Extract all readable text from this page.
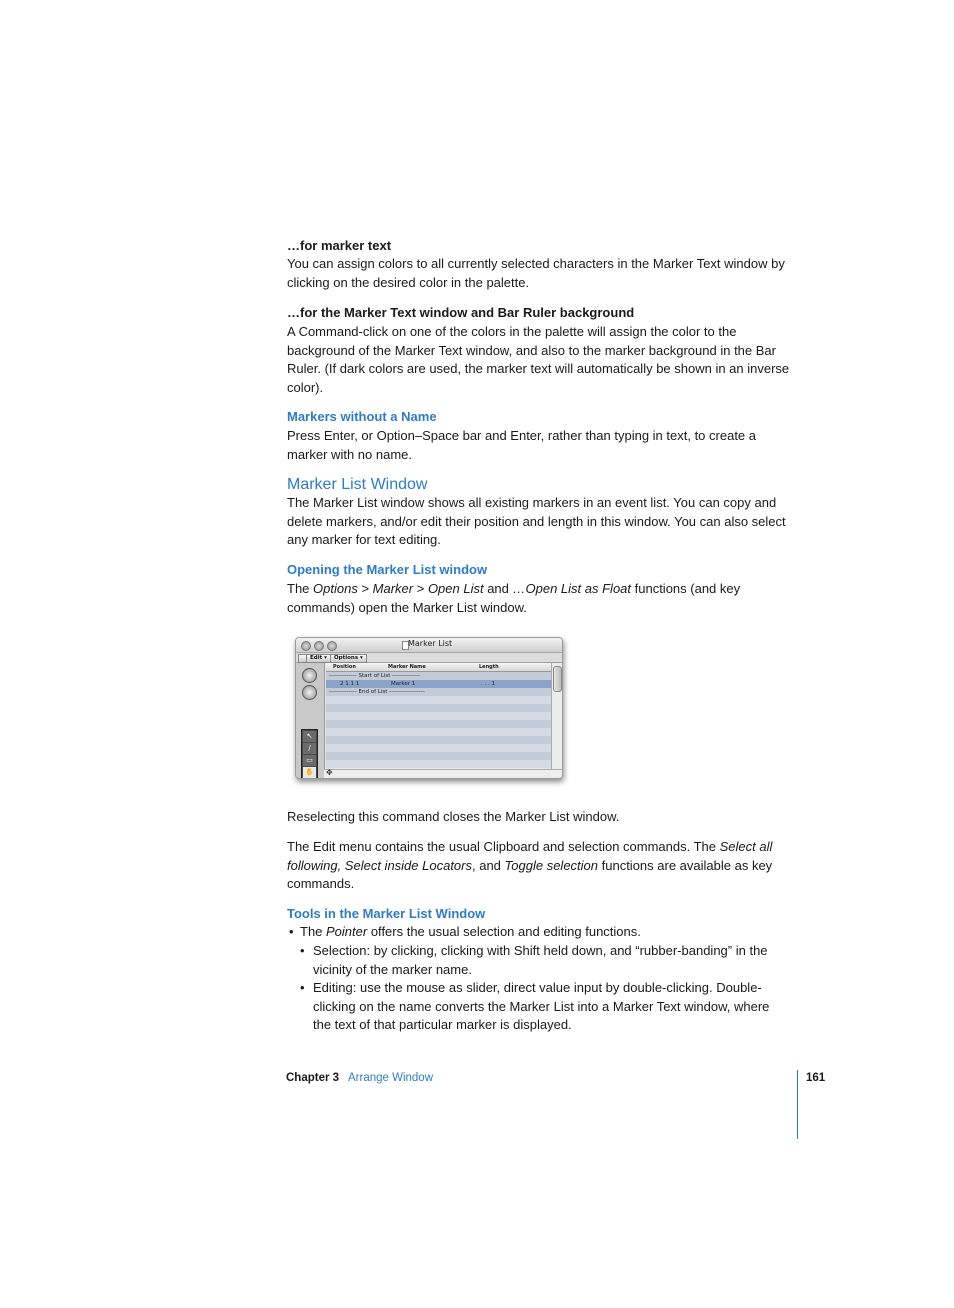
…for marker text
You can assign colors to all currently selected characters in the Marker Text window by clicking on the desired color in the palette.
…for the Marker Text window and Bar Ruler background
A Command-click on one of the colors in the palette will assign the color to the background of the Marker Text window, and also to the marker background in the Bar Ruler. (If dark colors are used, the marker text will automatically be shown in an inverse color).
Markers without a Name
Press Enter, or Option–Space bar and Enter, rather than typing in text, to create a marker with no name.
Marker List Window
The Marker List window shows all existing markers in an event list. You can copy and delete markers, and/or edit their position and length in this window. You can also select any marker for text editing.
Opening the Marker List window
The Options > Marker > Open List and …Open List as Float functions (and key
commands) open the Marker List window.
Marker List
Edit ▾	Options ▾
↖
/
▭
✋
Position	Marker Name	Length
-------------- Start of List --------------
2 1 1 1	Marker 1	. . . 1
-------------- End of List ------------------
✥
Reselecting this command closes the Marker List window.
The Edit menu contains the usual Clipboard and selection commands. The Select all
following, Select inside Locators, and Toggle selection functions are available as key
commands.
Tools in the Marker List Window
• The Pointer offers the usual selection and editing functions.
• Selection: by clicking, clicking with Shift held down, and “rubber-banding” in the vicinity of the marker name.
• Editing: use the mouse as slider, direct value input by double-clicking. Double-clicking on the name converts the Marker List into a Marker Text window, where the text of that particular marker is displayed.
Chapter 3 Arrange Window	161
